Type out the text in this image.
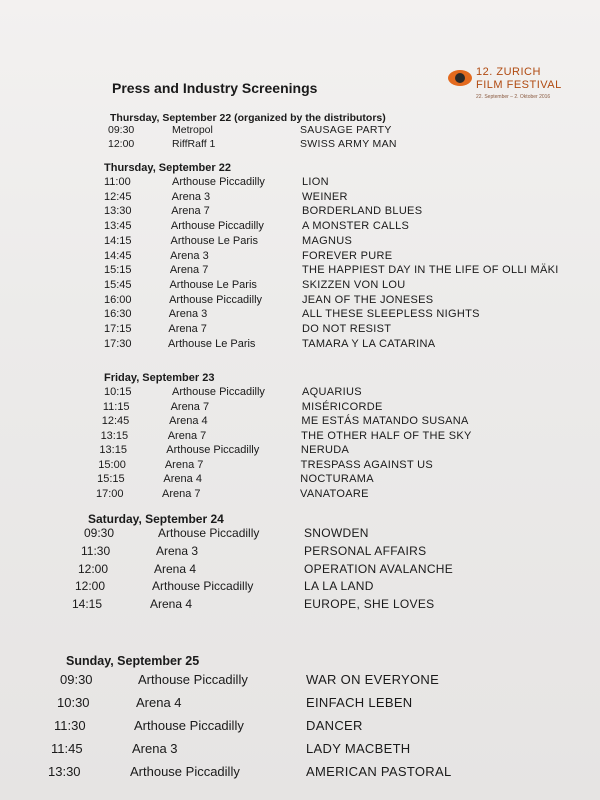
Press and Industry Screenings
12. ZURICH
FILM FESTIVAL
22. September – 2. Oktober 2016
Thursday, September 22 (organized by the distributors)
09:30	Metropol	SAUSAGE PARTY
12:00	RiffRaff 1	SWISS ARMY MAN
Thursday, September 22
11:00	Arthouse Piccadilly	LION
12:45	Arena 3	WEINER
13:30	Arena 7	BORDERLAND BLUES
13:45	Arthouse Piccadilly	A MONSTER CALLS
14:15	Arthouse Le Paris	MAGNUS
14:45	Arena 3	FOREVER PURE
15:15	Arena 7	THE HAPPIEST DAY IN THE LIFE OF OLLI MÄKI
15:45	Arthouse Le Paris	SKIZZEN VON LOU
16:00	Arthouse Piccadilly	JEAN OF THE JONESES
16:30	Arena 3	ALL THESE SLEEPLESS NIGHTS
17:15	Arena 7	DO NOT RESIST
17:30	Arthouse Le Paris	TAMARA Y LA CATARINA
Friday, September 23
10:15	Arthouse Piccadilly	AQUARIUS
11:15	Arena 7	MISÉRICORDE
12:45	Arena 4	ME ESTÁS MATANDO SUSANA
13:15	Arena 7	THE OTHER HALF OF THE SKY
13:15	Arthouse Piccadilly	NERUDA
15:00	Arena 7	TRESPASS AGAINST US
15:15	Arena 4	NOCTURAMA
17:00	Arena 7	VANATOARE
Saturday, September 24
09:30	Arthouse Piccadilly	SNOWDEN
11:30	Arena 3	PERSONAL AFFAIRS
12:00	Arena 4	OPERATION AVALANCHE
12:00	Arthouse Piccadilly	LA LA LAND
14:15	Arena 4	EUROPE, SHE LOVES
Sunday, September 25
09:30	Arthouse Piccadilly	WAR ON EVERYONE
10:30	Arena 4	EINFACH LEBEN
11:30	Arthouse Piccadilly	DANCER
11:45	Arena 3	LADY MACBETH
13:30	Arthouse Piccadilly	AMERICAN PASTORAL
